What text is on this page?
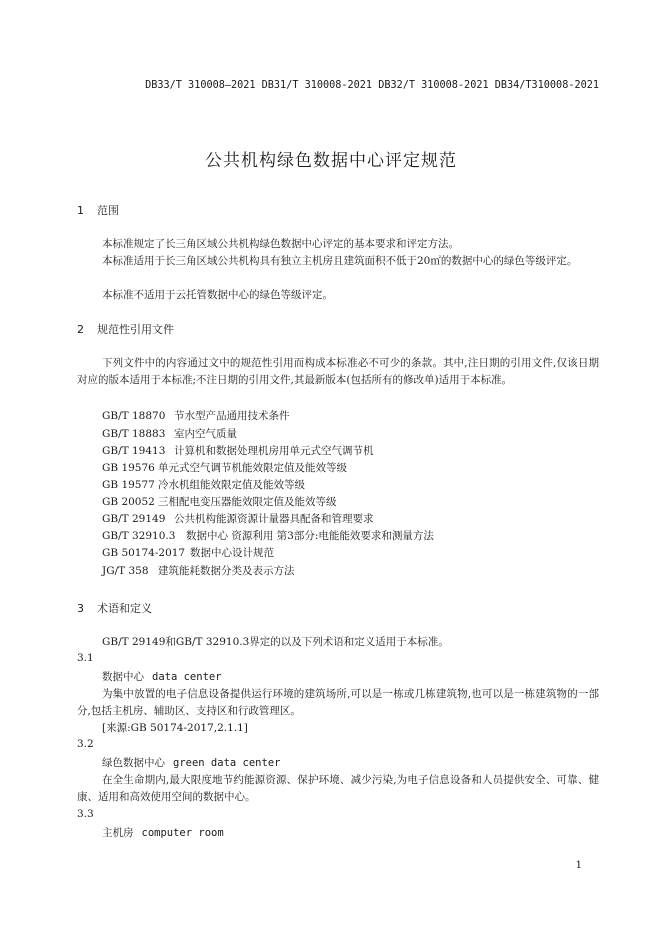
DB33/T 310008—2021 DB31/T 310008-2021 DB32/T 310008-2021 DB34/T310008-2021
公共机构绿色数据中心评定规范
1 范围
本标准规定了长三角区域公共机构绿色数据中心评定的基本要求和评定方法。
本标准适用于长三角区域公共机构具有独立主机房且建筑面积不低于20㎡的数据中心的绿色等级评定。
本标准不适用于云托管数据中心的绿色等级评定。
2 规范性引用文件
下列文件中的内容通过文中的规范性引用而构成本标准必不可少的条款。其中,注日期的引用文件,仅该日期对应的版本适用于本标准;不注日期的引用文件,其最新版本(包括所有的修改单)适用于本标准。
GB/T 18870 节水型产品通用技术条件
GB/T 18883 室内空气质量
GB/T 19413 计算机和数据处理机房用单元式空气调节机
GB 19576 单元式空气调节机能效限定值及能效等级
GB 19577 冷水机组能效限定值及能效等级
GB 20052 三相配电变压器能效限定值及能效等级
GB/T 29149 公共机构能源资源计量器具配备和管理要求
GB/T 32910.3 数据中心 资源利用 第3部分:电能能效要求和测量方法
GB 50174-2017 数据中心设计规范
JG/T 358 建筑能耗数据分类及表示方法
3 术语和定义
GB/T 29149和GB/T 32910.3界定的以及下列术语和定义适用于本标准。
3.1
数据中心 data center
为集中放置的电子信息设备提供运行环境的建筑场所,可以是一栋或几栋建筑物,也可以是一栋建筑物的一部分,包括主机房、辅助区、支持区和行政管理区。
[来源:GB 50174-2017,2.1.1]
3.2
绿色数据中心 green data center
在全生命期内,最大限度地节约能源资源、保护环境、减少污染,为电子信息设备和人员提供安全、可靠、健康、适用和高效使用空间的数据中心。
3.3
主机房 computer room
1
